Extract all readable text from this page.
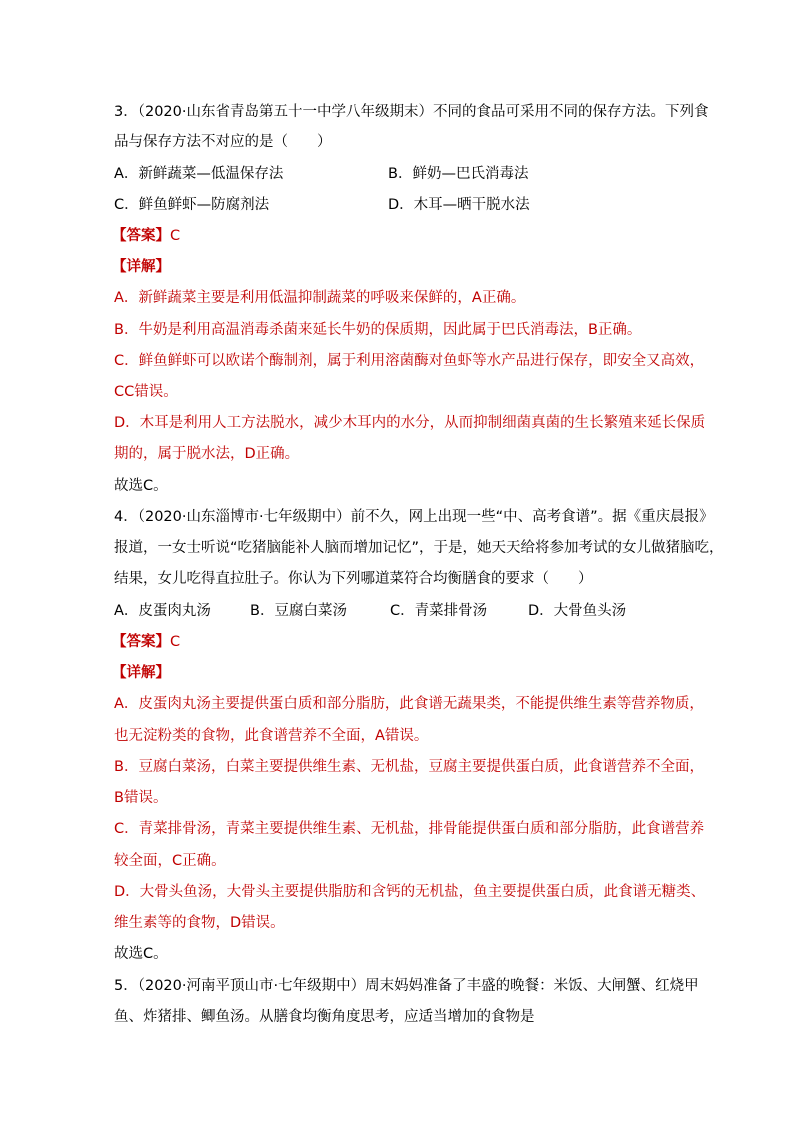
3．（2020·山东省青岛第五十一中学八年级期末）不同的食品可采用不同的保存方法。下列食
品与保存方法不对应的是（　　）
A．新鲜蔬菜—低温保存法	B．鲜奶—巴氏消毒法
C．鲜鱼鲜虾—防腐剂法	D．木耳—晒干脱水法
【答案】C
【详解】
A．新鲜蔬菜主要是利用低温抑制蔬菜的呼吸来保鲜的，A正确。
B．牛奶是利用高温消毒杀菌来延长牛奶的保质期，因此属于巴氏消毒法，B正确。
C．鲜鱼鲜虾可以欧诺个酶制剂，属于利用溶菌酶对鱼虾等水产品进行保存，即安全又高效，
CC错误。
D．木耳是利用人工方法脱水，减少木耳内的水分，从而抑制细菌真菌的生长繁殖来延长保质
期的，属于脱水法，D正确。
故选C。
4．（2020·山东淄博市·七年级期中）前不久，网上出现一些“中、高考食谱”。据《重庆晨报》
报道，一女士听说“吃猪脑能补人脑而增加记忆”，于是，她天天给将参加考试的女儿做猪脑吃，
结果，女儿吃得直拉肚子。你认为下列哪道菜符合均衡膳食的要求（　　）
A．皮蛋肉丸汤	B．豆腐白菜汤	C．青菜排骨汤	D．大骨鱼头汤
【答案】C
【详解】
A．皮蛋肉丸汤主要提供蛋白质和部分脂肪，此食谱无蔬果类，不能提供维生素等营养物质，
也无淀粉类的食物，此食谱营养不全面，A错误。
B．豆腐白菜汤，白菜主要提供维生素、无机盐，豆腐主要提供蛋白质，此食谱营养不全面，
B错误。
C．青菜排骨汤，青菜主要提供维生素、无机盐，排骨能提供蛋白质和部分脂肪，此食谱营养
较全面，C正确。
D．大骨头鱼汤，大骨头主要提供脂肪和含钙的无机盐，鱼主要提供蛋白质，此食谱无糖类、
维生素等的食物，D错误。
故选C。
5．（2020·河南平顶山市·七年级期中）周末妈妈准备了丰盛的晚餐：米饭、大闸蟹、红烧甲
鱼、炸猪排、鲫鱼汤。从膳食均衡角度思考，应适当增加的食物是
